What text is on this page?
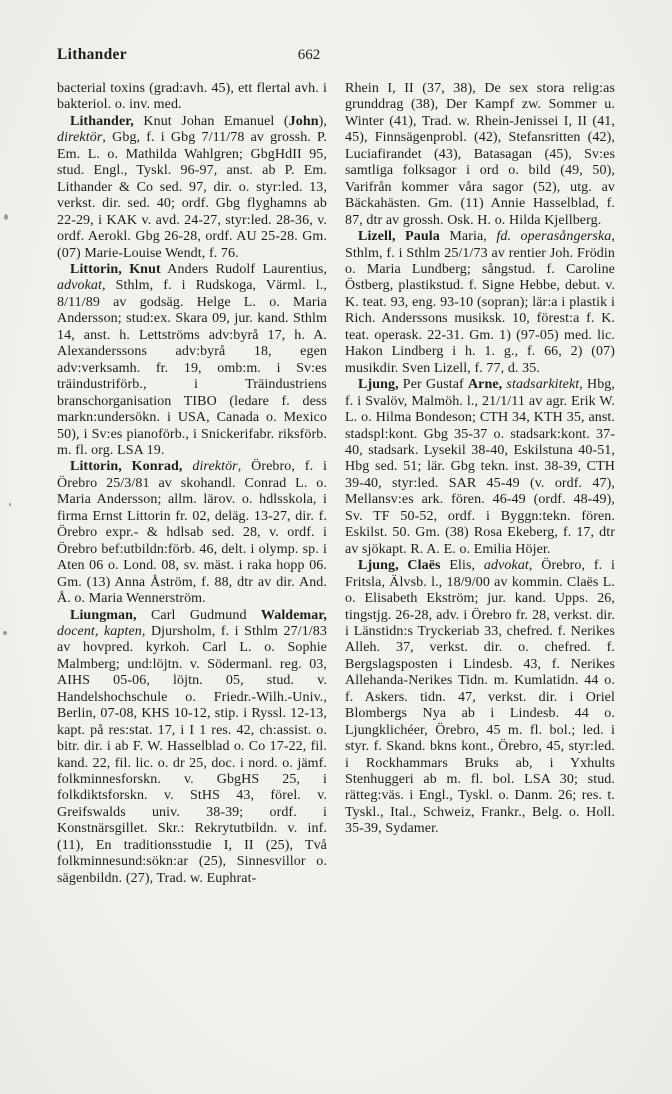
Lithander	662

bacterial toxins (grad:avh. 45), ett flertal avh. i bakteriol. o. inv. med.

Lithander, Knut Johan Emanuel (John), direktör, Gbg, f. i Gbg 7/11/78 av grossh. P. Em. L. o. Mathilda Wahlgren; GbgHdII 95, stud. Engl., Tyskl. 96-97, anst. ab P. Em. Lithander & Co sed. 97, dir. o. styr:led. 13, verkst. dir. sed. 40; ordf. Gbg flyghamns ab 22-29, i KAK v. avd. 24-27, styr:led. 28-36, v. ordf. Aerokl. Gbg 26-28, ordf. AU 25-28. Gm. (07) Marie-Louise Wendt, f. 76.

Littorin, Knut Anders Rudolf Laurentius, advokat, Sthlm, f. i Rudskoga, Värml. l., 8/11/89 av godsäg. Helge L. o. Maria Andersson; stud:ex. Skara 09, jur. kand. Sthlm 14, anst. h. Lettströms adv:byrå 17, h. A. Alexanderssons adv:byrå 18, egen adv:verksamh. fr. 19, omb:m. i Sv:es träindustriförb., i Träindustriens branschorganisation TIBO (ledare f. dess markn:undersökn. i USA, Canada o. Mexico 50), i Sv:es pianoförb., i Snickerifabr. riksförb. m. fl. org. LSA 19.

Littorin, Konrad, direktör, Örebro, f. i Örebro 25/3/81 av skohandl. Conrad L. o. Maria Andersson; allm. lärov. o. hdlsskola, i firma Ernst Littorin fr. 02, deläg. 13-27, dir. f. Örebro expr.- & hdlsab sed. 28, v. ordf. i Örebro bef:utbildn:förb. 46, delt. i olymp. sp. i Aten 06 o. Lond. 08, sv. mäst. i raka hopp 06. Gm. (13) Anna Åström, f. 88, dtr av dir. And. Å. o. Maria Wennerström.

Liungman, Carl Gudmund Waldemar, docent, kapten, Djursholm, f. i Sthlm 27/1/83 av hovpred. kyrkoh. Carl L. o. Sophie Malmberg; und:löjtn. v. Södermanl. reg. 03, AIHS 05-06, löjtn. 05, stud. v. Handelshochschule o. Friedr.-Wilh.-Univ., Berlin, 07-08, KHS 10-12, stip. i Ryssl. 12-13, kapt. på res:stat. 17, i I 1 res. 42, ch:assist. o. bitr. dir. i ab F. W. Hasselblad o. Co 17-22, fil. kand. 22, fil. lic. o. dr 25, doc. i nord. o. jämf. folkminnesforskn. v. GbgHS 25, i folkdiktsforskn. v. StHS 43, förel. v. Greifswalds univ. 38-39; ordf. i Konstnärsgillet. Skr.: Rekrytutbildn. v. inf. (11), En traditionsstudie I, II (25), Två folkminnesund:sökn:ar (25), Sinnesvillor o. sägenbildn. (27), Trad. w. Euphrat-

Rhein I, II (37, 38), De sex stora relig:as grunddrag (38), Der Kampf zw. Sommer u. Winter (41), Trad. w. Rhein-Jenissei I, II (41, 45), Finnsägenprobl. (42), Stefansritten (42), Luciafirandet (43), Batasagan (45), Sv:es samtliga folksagor i ord o. bild (49, 50), Varifrån kommer våra sagor (52), utg. av Bäckahästen. Gm. (11) Annie Hasselblad, f. 87, dtr av grossh. Osk. H. o. Hilda Kjellberg.

Lizell, Paula Maria, fd. operasångerska, Sthlm, f. i Sthlm 25/1/73 av rentier Joh. Frödin o. Maria Lundberg; sångstud. f. Caroline Östberg, plastikstud. f. Signe Hebbe, debut. v. K. teat. 93, eng. 93-10 (sopran); lär:a i plastik i Rich. Anderssons musiksk. 10, förest:a f. K. teat. operask. 22-31. Gm. 1) (97-05) med. lic. Hakon Lindberg i h. 1. g., f. 66, 2) (07) musikdir. Sven Lizell, f. 77, d. 35.

Ljung, Per Gustaf Arne, stadsarkitekt, Hbg, f. i Svalöv, Malmöh. l., 21/1/11 av agr. Erik W. L. o. Hilma Bondeson; CTH 34, KTH 35, anst. stadspl:kont. Gbg 35-37 o. stadsark:kont. 37-40, stadsark. Lysekil 38-40, Eskilstuna 40-51, Hbg sed. 51; lär. Gbg tekn. inst. 38-39, CTH 39-40, styr:led. SAR 45-49 (v. ordf. 47), Mellansv:es ark. fören. 46-49 (ordf. 48-49), Sv. TF 50-52, ordf. i Byggn:tekn. fören. Eskilst. 50. Gm. (38) Rosa Ekeberg, f. 17, dtr av sjökapt. R. A. E. o. Emilia Höjer.

Ljung, Claës Elis, advokat, Örebro, f. i Fritsla, Älvsb. l., 18/9/00 av kommin. Claës L. o. Elisabeth Ekström; jur. kand. Upps. 26, tingstjg. 26-28, adv. i Örebro fr. 28, verkst. dir. i Länstidn:s Tryckeriab 33, chefred. f. Nerikes Alleh. 37, verkst. dir. o. chefred. f. Bergslagsposten i Lindesb. 43, f. Nerikes Allehanda-Nerikes Tidn. m. Kumlatidn. 44 o. f. Askers. tidn. 47, verkst. dir. i Oriel Blombergs Nya ab i Lindesb. 44 o. Ljungklichéer, Örebro, 45 m. fl. bol.; led. i styr. f. Skand. bkns kont., Örebro, 45, styr:led. i Rockhammars Bruks ab, i Yxhults Stenhuggeri ab m. fl. bol. LSA 30; stud. rätteg:väs. i Engl., Tyskl. o. Danm. 26; res. t. Tyskl., Ital., Schweiz, Frankr., Belg. o. Holl. 35-39, Sydamer.
